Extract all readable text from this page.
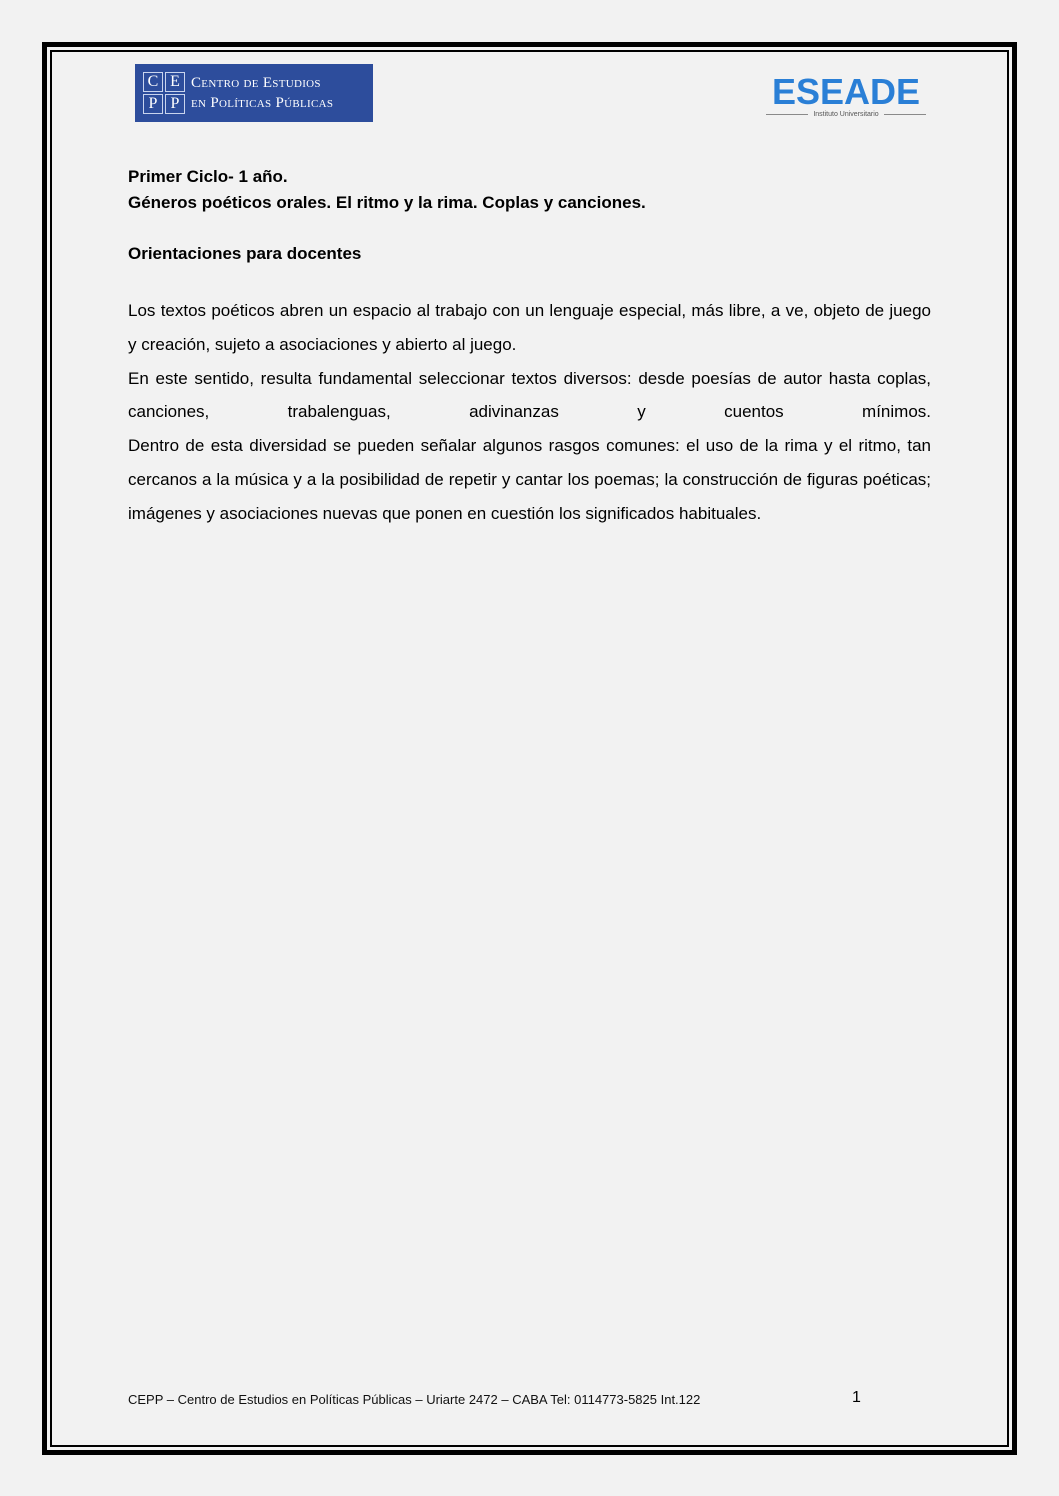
C E
P P
Centro de Estudios
en Políticas Públicas	ESEADE
Instituto Universitario
Primer Ciclo- 1 año.
Géneros poéticos orales. El ritmo y la rima. Coplas y canciones.
Orientaciones para docentes

Los textos poéticos abren un espacio al trabajo con un lenguaje especial, más libre, a ve, objeto de juego y creación, sujeto a asociaciones y abierto al juego.

En este sentido, resulta fundamental seleccionar textos diversos: desde poesías de autor hasta coplas, canciones, trabalenguas, adivinanzas y cuentos mínimos.

Dentro de esta diversidad se pueden señalar algunos rasgos comunes: el uso de la rima y el ritmo, tan cercanos a la música y a la posibilidad de repetir y cantar los poemas; la construcción de figuras poéticas; imágenes y asociaciones nuevas que ponen en cuestión los significados habituales.

CEPP – Centro de Estudios en Políticas Públicas – Uriarte 2472 – CABA Tel: 0114773-5825 Int.122	1
